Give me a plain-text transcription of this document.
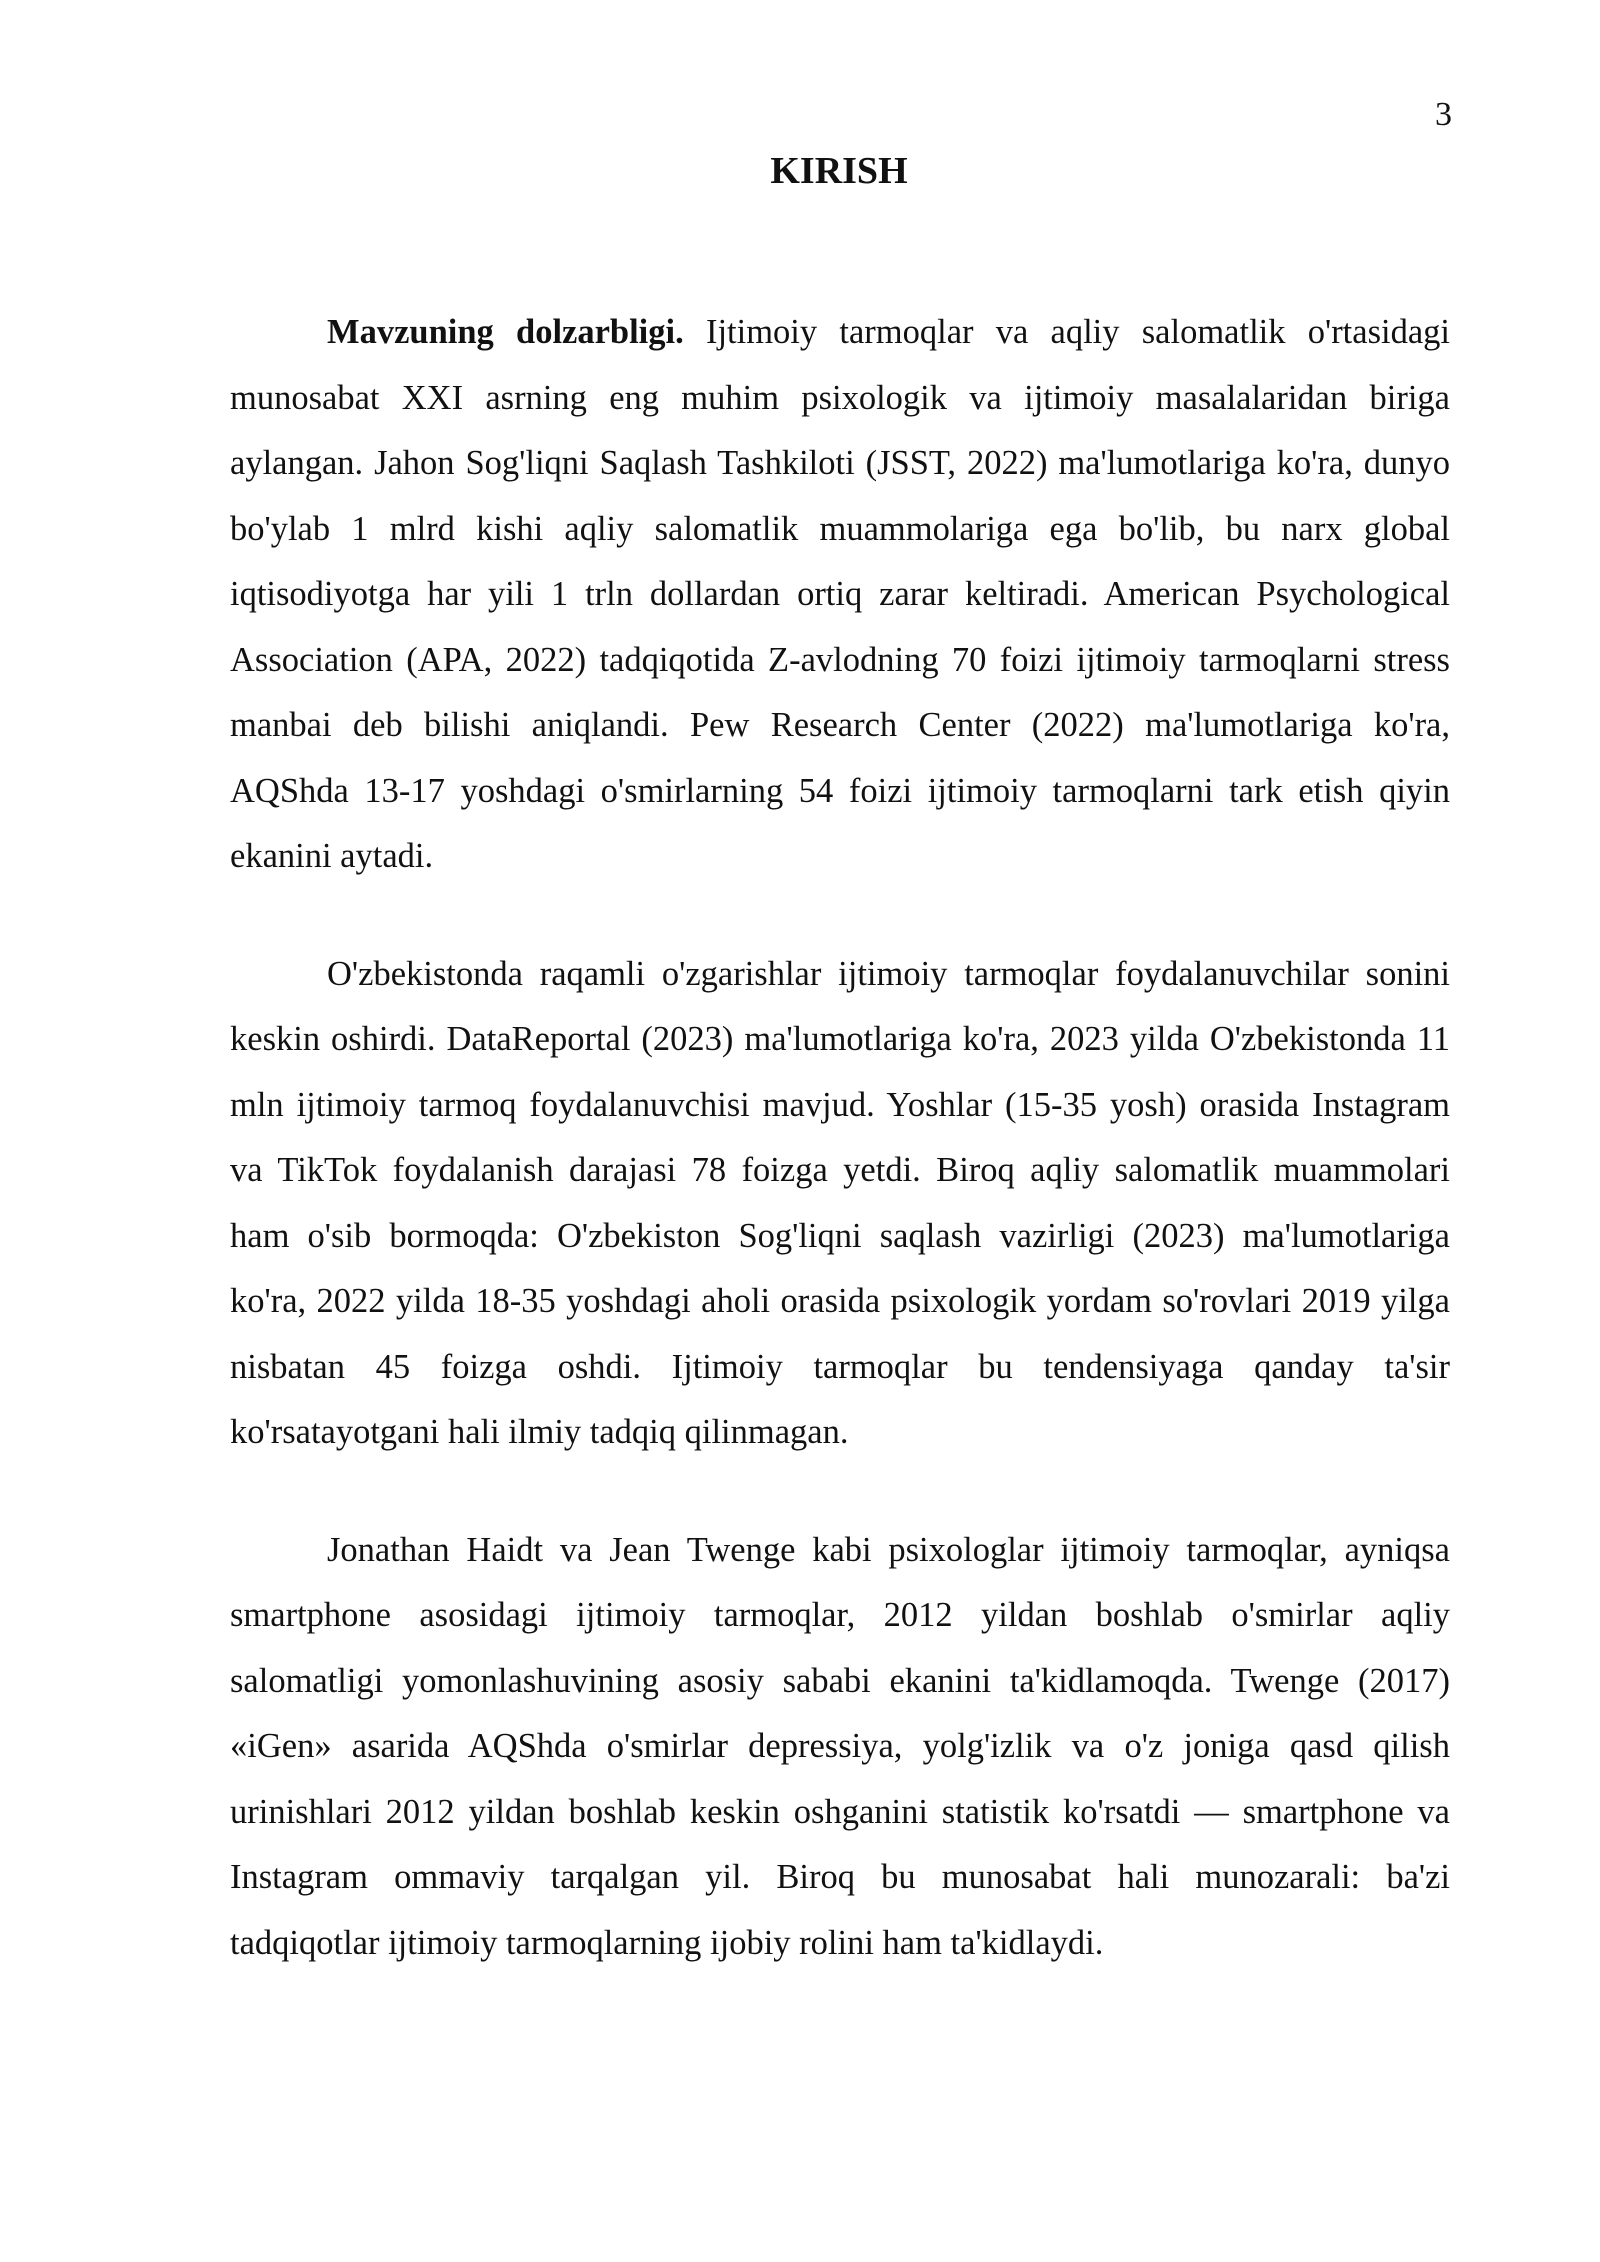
3
KIRISH

Mavzuning dolzarbligi. Ijtimoiy tarmoqlar va aqliy salomatlik o'rtasidagi munosabat XXI asrning eng muhim psixologik va ijtimoiy masalalaridan biriga aylangan. Jahon Sog'liqni Saqlash Tashkiloti (JSST, 2022) ma'lumotlariga ko'ra, dunyo bo'ylab 1 mlrd kishi aqliy salomatlik muammolariga ega bo'lib, bu narx global iqtisodiyotga har yili 1 trln dollardan ortiq zarar keltiradi. American Psychological Association (APA, 2022) tadqiqotida Z-avlodning 70 foizi ijtimoiy tarmoqlarni stress manbai deb bilishi aniqlandi. Pew Research Center (2022) ma'lumotlariga ko'ra, AQShda 13-17 yoshdagi o'smirlarning 54 foizi ijtimoiy tarmoqlarni tark etish qiyin ekanini aytadi.

O'zbekistonda raqamli o'zgarishlar ijtimoiy tarmoqlar foydalanuvchilar sonini keskin oshirdi. DataReportal (2023) ma'lumotlariga ko'ra, 2023 yilda O'zbekistonda 11 mln ijtimoiy tarmoq foydalanuvchisi mavjud. Yoshlar (15-35 yosh) orasida Instagram va TikTok foydalanish darajasi 78 foizga yetdi. Biroq aqliy salomatlik muammolari ham o'sib bormoqda: O'zbekiston Sog'liqni saqlash vazirligi (2023) ma'lumotlariga ko'ra, 2022 yilda 18-35 yoshdagi aholi orasida psixologik yordam so'rovlari 2019 yilga nisbatan 45 foizga oshdi. Ijtimoiy tarmoqlar bu tendensiyaga qanday ta'sir ko'rsatayotgani hali ilmiy tadqiq qilinmagan.

Jonathan Haidt va Jean Twenge kabi psixologlar ijtimoiy tarmoqlar, ayniqsa smartphone asosidagi ijtimoiy tarmoqlar, 2012 yildan boshlab o'smirlar aqliy salomatligi yomonlashuvining asosiy sababi ekanini ta'kidlamoqda. Twenge (2017) «iGen» asarida AQShda o'smirlar depressiya, yolg'izlik va o'z joniga qasd qilish urinishlari 2012 yildan boshlab keskin oshganini statistik ko'rsatdi — smartphone va Instagram ommaviy tarqalgan yil. Biroq bu munosabat hali munozarali: ba'zi tadqiqotlar ijtimoiy tarmoqlarning ijobiy rolini ham ta'kidlaydi.
